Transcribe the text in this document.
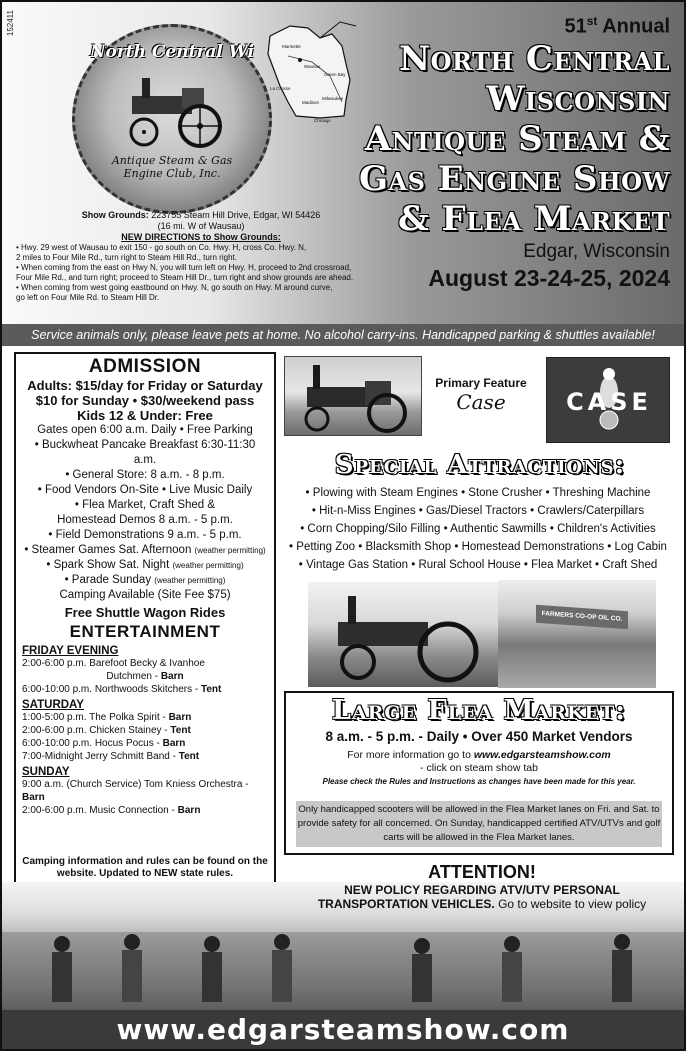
152411
North Central Wi
Antique Steam & Gas
Engine Club, Inc.
Marinette
Wausau
Green Bay
La Crosse
Madison
Milwaukee
Chicago
51st Annual
North Central
Wisconsin
Antique Steam &
Gas Engine Show
& Flea Market
Edgar, Wisconsin
August 23-24-25, 2024
Show Grounds: 223755 Steam Hill Drive, Edgar, WI 54426
(16 mi. W of Wausau)
NEW DIRECTIONS to Show Grounds:
• Hwy. 29 west of Wausau to exit 150 - go south on Co. Hwy. H, cross Co. Hwy. N,
2 miles to Four Mile Rd., turn right to Steam Hill Rd., turn right.
• When coming from the east on Hwy N, you will turn left on Hwy. H, proceed to 2nd crossroad,
Four Mile Rd., and turn right; proceed to Steam Hill Dr., turn right and show grounds are ahead.
• When coming from west going eastbound on Hwy. N, go south on Hwy. M around curve,
go left on Four Mile Rd. to Steam Hill Dr.
Service animals only, please leave pets at home. No alcohol carry-ins. Handicapped parking & shuttles available!
ADMISSION
Adults: $15/day for Friday or Saturday
$10 for Sunday • $30/weekend pass
Kids 12 & Under: Free
Gates open 6:00 a.m. Daily • Free Parking
• Buckwheat Pancake Breakfast 6:30-11:30 a.m.
• General Store: 8 a.m. - 8 p.m.
• Food Vendors On-Site • Live Music Daily
• Flea Market, Craft Shed &
Homestead Demos 8 a.m. - 5 p.m.
• Field Demonstrations 9 a.m. - 5 p.m.
• Steamer Games Sat. Afternoon (weather permitting)
• Spark Show Sat. Night (weather permitting)
• Parade Sunday (weather permitting)
Camping Available (Site Fee $75)
Free Shuttle Wagon Rides
ENTERTAINMENT
FRIDAY EVENING
2:00-6:00 p.m. Barefoot Becky & Ivanhoe
Dutchmen - Barn
6:00-10:00 p.m. Northwoods Skitchers - Tent
SATURDAY
1:00-5:00 p.m. The Polka Spirit - Barn
2:00-6:00 p.m. Chicken Stainey - Tent
6:00-10:00 p.m. Hocus Pocus - Barn
7:00-Midnight Jerry Schmitt Band - Tent
SUNDAY
9:00 a.m. (Church Service) Tom Kniess Orchestra - Barn
2:00-6:00 p.m. Music Connection - Barn
Primary Feature
Case	CASE
Special Attractions:
• Plowing with Steam Engines • Stone Crusher • Threshing Machine
• Hit-n-Miss Engines • Gas/Diesel Tractors • Crawlers/Caterpillars
• Corn Chopping/Silo Filling • Authentic Sawmills • Children's Activities
• Petting Zoo • Blacksmith Shop • Homestead Demonstrations • Log Cabin
• Vintage Gas Station • Rural School House • Flea Market • Craft Shed
FARMERS CO-OP OIL CO.
Large Flea Market:
8 a.m. - 5 p.m. - Daily • Over 450 Market Vendors
For more information go to www.edgarsteamshow.com
- click on steam show tab
Please check the Rules and Instructions as changes have been made for this year.
Only handicapped scooters will be allowed in the Flea Market lanes on Fri. and Sat. to provide safety for all concerned. On Sunday, handicapped certified ATV/UTVs and golf carts will be allowed in the Flea Market lanes.
Camping information and rules can be found on the website. Updated to NEW state rules.	ATTENTION!
NEW POLICY REGARDING ATV/UTV PERSONAL
TRANSPORTATION VEHICLES. Go to website to view policy
www.edgarsteamshow.com
